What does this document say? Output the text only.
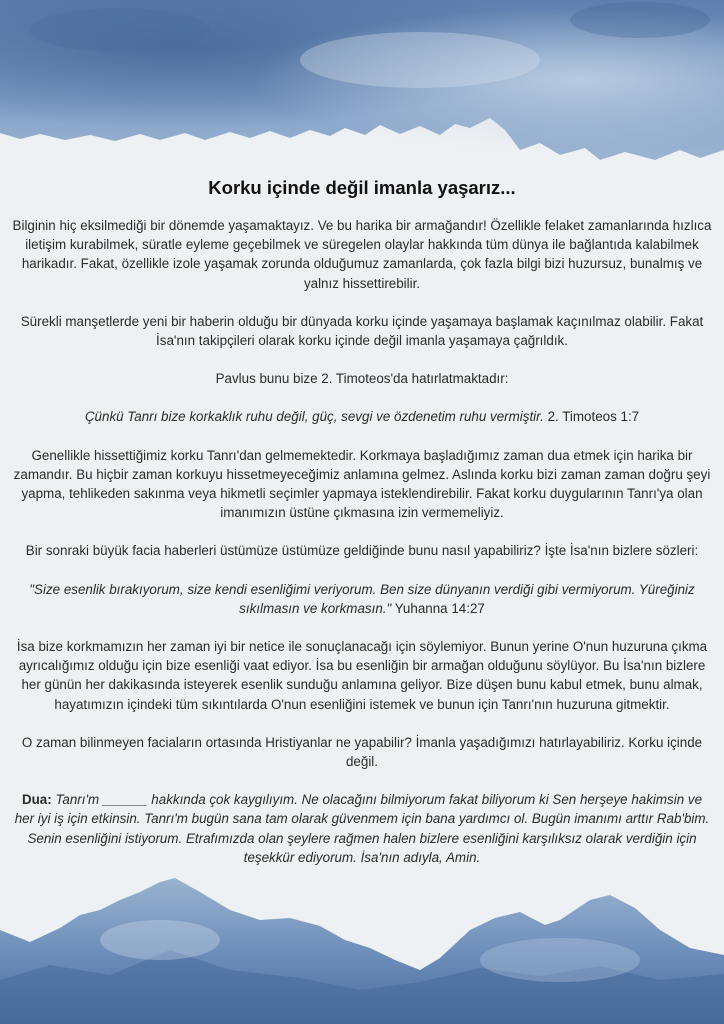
Korku içinde değil imanla yaşarız...

Bilginin hiç eksilmediği bir dönemde yaşamaktayız. Ve bu harika bir armağandır! Özellikle felaket zamanlarında hızlıca iletişim kurabilmek, süratle eyleme geçebilmek ve süregelen olaylar hakkında tüm dünya ile bağlantıda kalabilmek harikadır. Fakat, özellikle izole yaşamak zorunda olduğumuz zamanlarda, çok fazla bilgi bizi huzursuz, bunalmış ve yalnız hissettirebilir.

Sürekli manşetlerde yeni bir haberin olduğu bir dünyada korku içinde yaşamaya başlamak kaçınılmaz olabilir. Fakat İsa'nın takipçileri olarak korku içinde değil imanla yaşamaya çağrıldık.

Pavlus bunu bize 2. Timoteos'da hatırlatmaktadır:

Çünkü Tanrı bize korkaklık ruhu değil, güç, sevgi ve özdenetim ruhu vermiştir. 2. Timoteos 1:7

Genellikle hissettiğimiz korku Tanrı'dan gelmemektedir. Korkmaya başladığımız zaman dua etmek için harika bir zamandır. Bu hiçbir zaman korkuyu hissetmeyeceğimiz anlamına gelmez. Aslında korku bizi zaman zaman doğru şeyi yapma, tehlikeden sakınma veya hikmetli seçimler yapmaya isteklendirebilir. Fakat korku duygularının Tanrı'ya olan imanımızın üstüne çıkmasına izin vermemeliyiz.

Bir sonraki büyük facia haberleri üstümüze üstümüze geldiğinde bunu nasıl yapabiliriz? İşte İsa'nın bizlere sözleri:

"Size esenlik bırakıyorum, size kendi esenliğimi veriyorum. Ben size dünyanın verdiği gibi vermiyorum. Yüreğiniz sıkılmasın ve korkmasın." Yuhanna 14:27

İsa bize korkmamızın her zaman iyi bir netice ile sonuçlanacağı için söylemiyor. Bunun yerine O'nun huzuruna çıkma ayrıcalığımız olduğu için bize esenliği vaat ediyor. İsa bu esenliğin bir armağan olduğunu söylüyor. Bu İsa'nın bizlere her günün her dakikasında isteyerek esenlik sunduğu anlamına geliyor. Bize düşen bunu kabul etmek, bunu almak, hayatımızın içindeki tüm sıkıntılarda O'nun esenliğini istemek ve bunun için Tanrı'nın huzuruna gitmektir.

O zaman bilinmeyen faciaların ortasında Hristiyanlar ne yapabilir? İmanla yaşadığımızı hatırlayabiliriz. Korku içinde değil.

Dua: Tanrı'm ______ hakkında çok kaygılıyım. Ne olacağını bilmiyorum fakat biliyorum ki Sen herşeye hakimsin ve her iyi iş için etkinsin. Tanrı'm bugün sana tam olarak güvenmem için bana yardımcı ol. Bugün imanımı arttır Rab'bim. Senin esenliğini istiyorum. Etrafımızda olan şeylere rağmen halen bizlere esenliğini karşılıksız olarak verdiğin için teşekkür ediyorum. İsa'nın adıyla, Amin.
